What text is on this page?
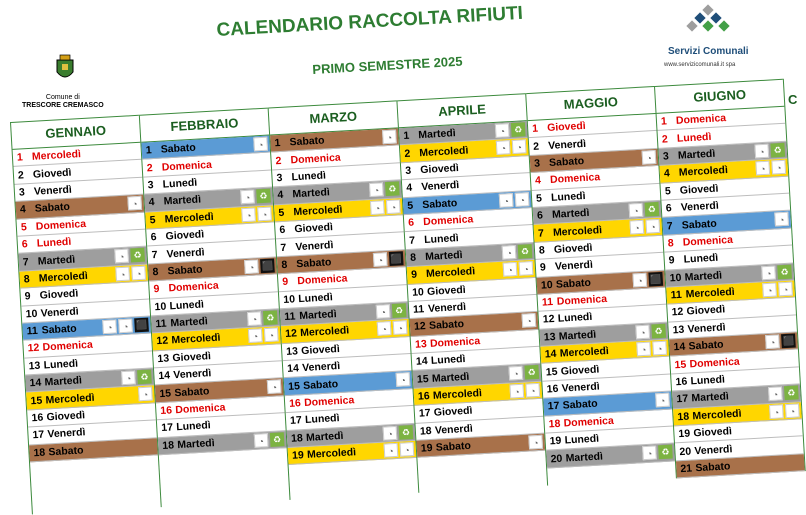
Comune di
TRESCORE CREMASCO
CALENDARIO RACCOLTA RIFIUTI
PRIMO SEMESTRE 2025
Servizi Comunali
www.servizicomunali.it spa
C
GENNAIO
1 Mercoledì
2 Giovedì
3 Venerdì
4 Sabato	◔
5 Domenica
6 Lunedì
7 Martedì	◔ ♻
8 Mercoledì	◔	◔
9 Giovedì
10 Venerdì
11 Sabato	◔	◔ ⬛
12 Domenica
13 Lunedì
14 Martedì	◔ ♻
15 Mercoledì	◔
16 Giovedì
17 Venerdì
18 Sabato
FEBBRAIO
1 Sabato	◔
2 Domenica
3 Lunedì
4 Martedì	◔ ♻
5 Mercoledì	◔	◔
6 Giovedì
7 Venerdì
8 Sabato	◔ ⬛
9 Domenica
10 Lunedì
11 Martedì	◔ ♻
12 Mercoledì	◔	◔
13 Giovedì
14 Venerdì
15 Sabato	◔
16 Domenica
17 Lunedì
18 Martedì	◔ ♻
MARZO
1 Sabato	◔
2 Domenica
3 Lunedì
4 Martedì	◔ ♻
5 Mercoledì	◔	◔
6 Giovedì
7 Venerdì
8 Sabato	◔ ⬛
9 Domenica
10 Lunedì
11 Martedì	◔ ♻
12 Mercoledì	◔	◔
13 Giovedì
14 Venerdì
15 Sabato	◔
16 Domenica
17 Lunedì
18 Martedì	◔ ♻
19 Mercoledì	◔	◔
APRILE
1 Martedì	◔ ♻
2 Mercoledì	◔	◔
3 Giovedì
4 Venerdì
5 Sabato	◔	◔
6 Domenica
7 Lunedì
8 Martedì	◔ ♻
9 Mercoledì	◔	◔
10 Giovedì
11 Venerdì
12 Sabato	◔
13 Domenica
14 Lunedì
15 Martedì	◔ ♻
16 Mercoledì	◔	◔
17 Giovedì
18 Venerdì
19 Sabato	◔
MAGGIO
1 Giovedì
2 Venerdì
3 Sabato	◔
4 Domenica
5 Lunedì
6 Martedì	◔ ♻
7 Mercoledì	◔	◔
8 Giovedì
9 Venerdì
10 Sabato	◔ ⬛
11 Domenica
12 Lunedì
13 Martedì	◔ ♻
14 Mercoledì	◔	◔
15 Giovedì
16 Venerdì
17 Sabato	◔
18 Domenica
19 Lunedì
20 Martedì	◔ ♻
GIUGNO
1 Domenica
2 Lunedì
3 Martedì	◔ ♻
4 Mercoledì	◔	◔
5 Giovedì
6 Venerdì
7 Sabato	◔
8 Domenica
9 Lunedì
10 Martedì	◔ ♻
11 Mercoledì	◔	◔
12 Giovedì
13 Venerdì
14 Sabato	◔ ⬛
15 Domenica
16 Lunedì
17 Martedì	◔ ♻
18 Mercoledì	◔	◔
19 Giovedì
20 Venerdì
21 Sabato
